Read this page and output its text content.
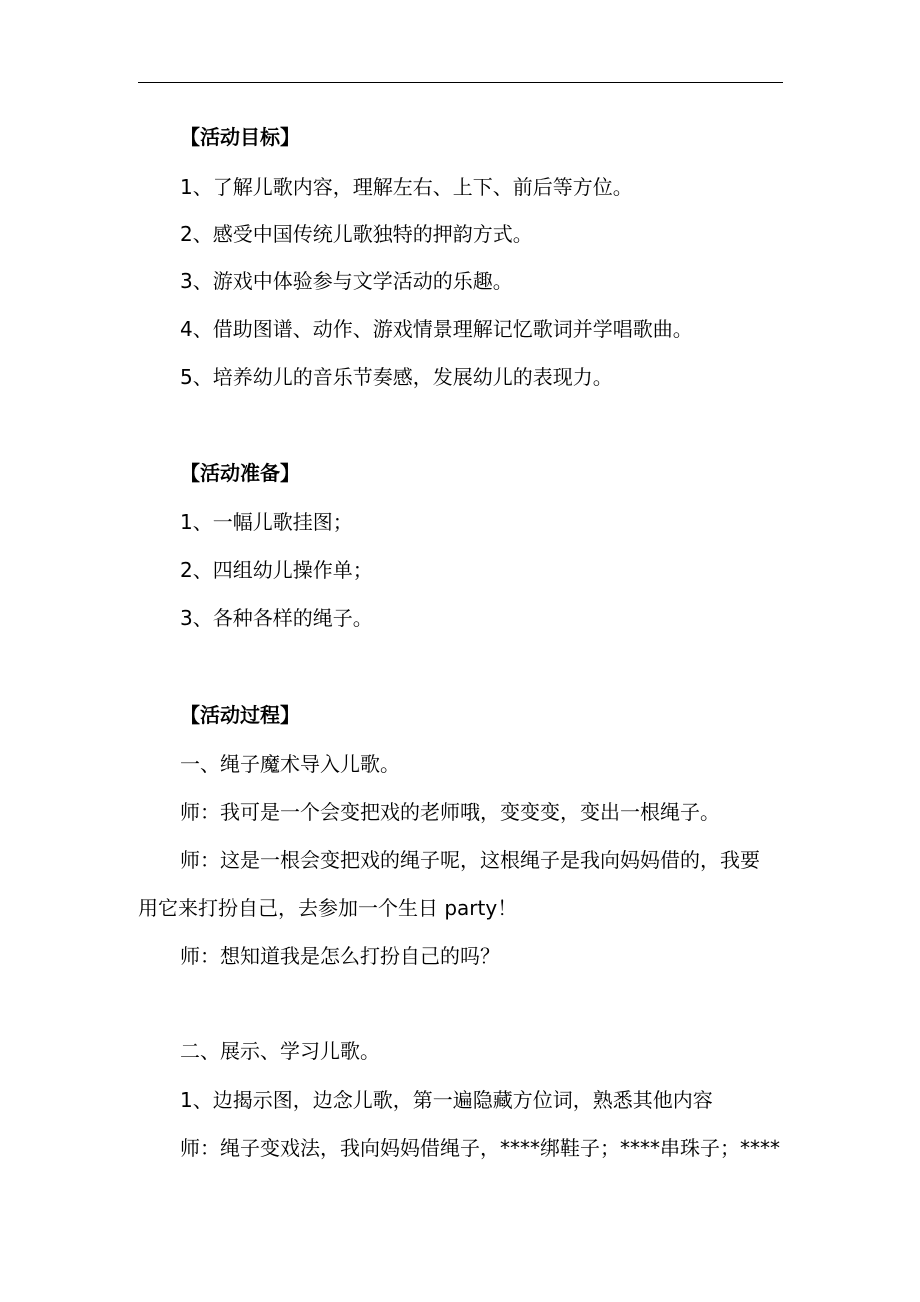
【活动目标】
1、了解儿歌内容，理解左右、上下、前后等方位。
2、感受中国传统儿歌独特的押韵方式。
3、游戏中体验参与文学活动的乐趣。
4、借助图谱、动作、游戏情景理解记忆歌词并学唱歌曲。
5、培养幼儿的音乐节奏感，发展幼儿的表现力。
【活动准备】
1、一幅儿歌挂图；
2、四组幼儿操作单；
3、各种各样的绳子。
【活动过程】
一、绳子魔术导入儿歌。
师：我可是一个会变把戏的老师哦，变变变，变出一根绳子。
师：这是一根会变把戏的绳子呢，这根绳子是我向妈妈借的，我要
用它来打扮自己，去参加一个生日 party！
师：想知道我是怎么打扮自己的吗？
二、展示、学习儿歌。
1、边揭示图，边念儿歌，第一遍隐藏方位词，熟悉其他内容
师：绳子变戏法，我向妈妈借绳子，****绑鞋子；****串珠子；****
